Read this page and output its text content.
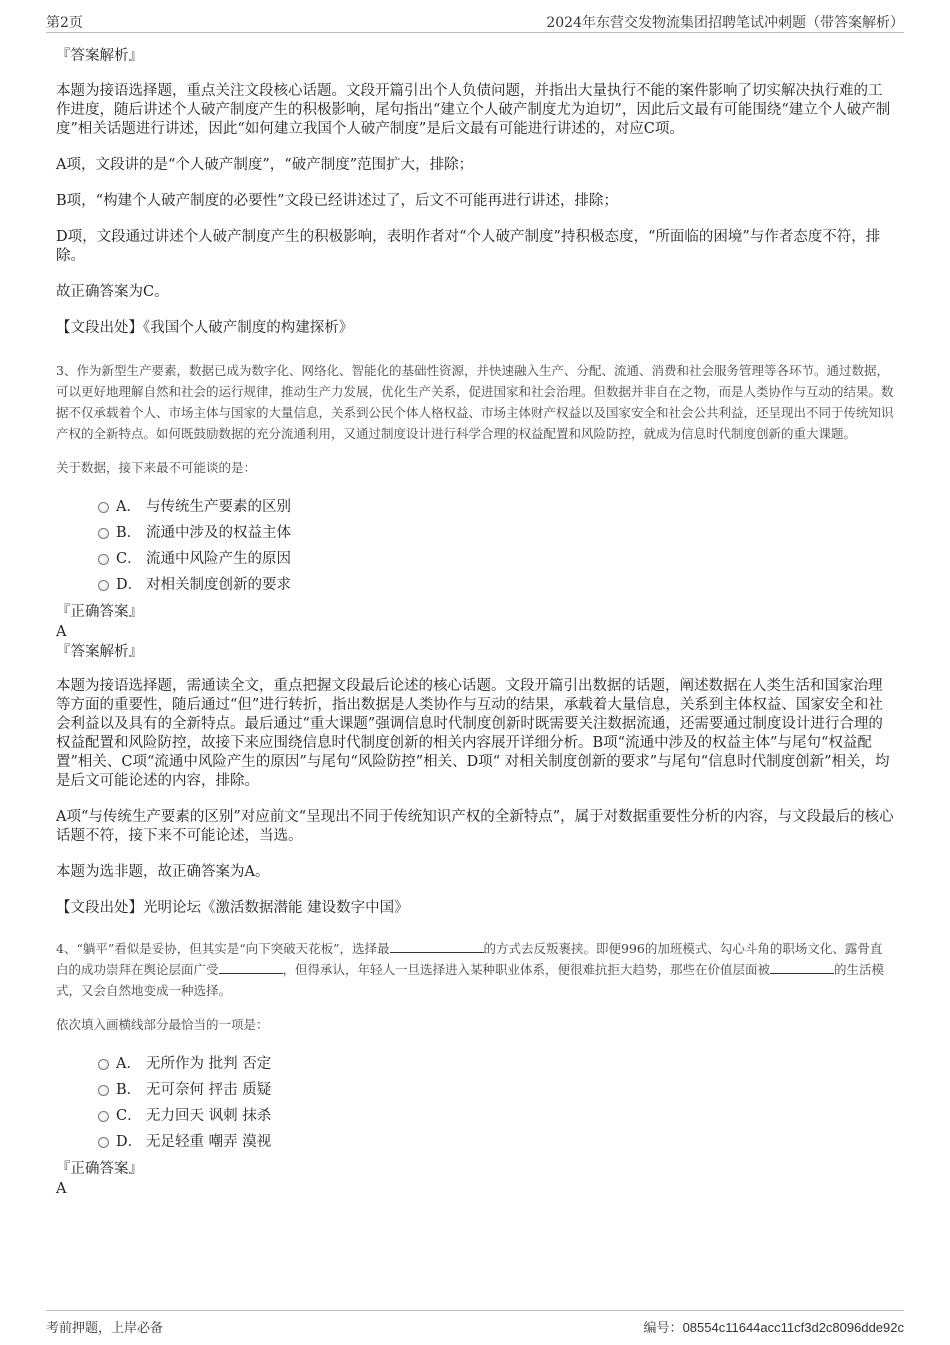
第2页	2024年东营交发物流集团招聘笔试冲刺题（带答案解析）
『答案解析』

本题为接语选择题，重点关注文段核心话题。文段开篇引出个人负债问题，并指出大量执行不能的案件影响了切实解决执行难的工作进度，随后讲述个人破产制度产生的积极影响，尾句指出“建立个人破产制度尤为迫切”，因此后文最有可能围绕“建立个人破产制度”相关话题进行讲述，因此“如何建立我国个人破产制度”是后文最有可能进行讲述的，对应C项。

A项，文段讲的是“个人破产制度”，“破产制度”范围扩大，排除；

B项，“构建个人破产制度的必要性”文段已经讲述过了，后文不可能再进行讲述，排除；

D项，文段通过讲述个人破产制度产生的积极影响，表明作者对“个人破产制度”持积极态度，“所面临的困境”与作者态度不符，排除。

故正确答案为C。

【文段出处】《我国个人破产制度的构建探析》

3、作为新型生产要素，数据已成为数字化、网络化、智能化的基础性资源，并快速融入生产、分配、流通、消费和社会服务管理等各环节。通过数据，可以更好地理解自然和社会的运行规律，推动生产力发展，优化生产关系，促进国家和社会治理。但数据并非自在之物，而是人类协作与互动的结果。数据不仅承载着个人、市场主体与国家的大量信息，关系到公民个体人格权益、市场主体财产权益以及国家安全和社会公共利益，还呈现出不同于传统知识产权的全新特点。如何既鼓励数据的充分流通利用，又通过制度设计进行科学合理的权益配置和风险防控，就成为信息时代制度创新的重大课题。

关于数据，接下来最不可能谈的是：

A． 与传统生产要素的区别
B． 流通中涉及的权益主体
C． 流通中风险产生的原因
D． 对相关制度创新的要求
『正确答案』
A
『答案解析』

本题为接语选择题，需通读全文，重点把握文段最后论述的核心话题。文段开篇引出数据的话题，阐述数据在人类生活和国家治理等方面的重要性，随后通过“但”进行转折，指出数据是人类协作与互动的结果，承载着大量信息，关系到主体权益、国家安全和社会利益以及具有的全新特点。最后通过“重大课题”强调信息时代制度创新时既需要关注数据流通，还需要通过制度设计进行合理的权益配置和风险防控，故接下来应围绕信息时代制度创新的相关内容展开详细分析。B项“流通中涉及的权益主体”与尾句“权益配置”相关、C项“流通中风险产生的原因”与尾句“风险防控”相关、D项“ 对相关制度创新的要求”与尾句“信息时代制度创新”相关，均是后文可能论述的内容，排除。

A项“与传统生产要素的区别”对应前文“呈现出不同于传统知识产权的全新特点”，属于对数据重要性分析的内容，与文段最后的核心话题不符，接下来不可能论述，当选。

本题为选非题，故正确答案为A。

【文段出处】光明论坛《激活数据潜能 建设数字中国》

4、“躺平”看似是妥协，但其实是“向下突破天花板”，选择最	的方式去反叛裹挟。即便996的加班模式、勾心斗角的职场文化、露骨直白的成功崇拜在舆论层面广受	，但得承认，年轻人一旦选择进入某种职业体系，便很难抗拒大趋势，那些在价值层面被	的生活模式，又会自然地变成一种选择。

依次填入画横线部分最恰当的一项是：

A． 无所作为 批判 否定
B． 无可奈何 抨击 质疑
C． 无力回天 讽刺 抹杀
D． 无足轻重 嘲弄 漠视
『正确答案』
A
考前押题，上岸必备	编号：08554c11644acc11cf3d2c8096dde92c
